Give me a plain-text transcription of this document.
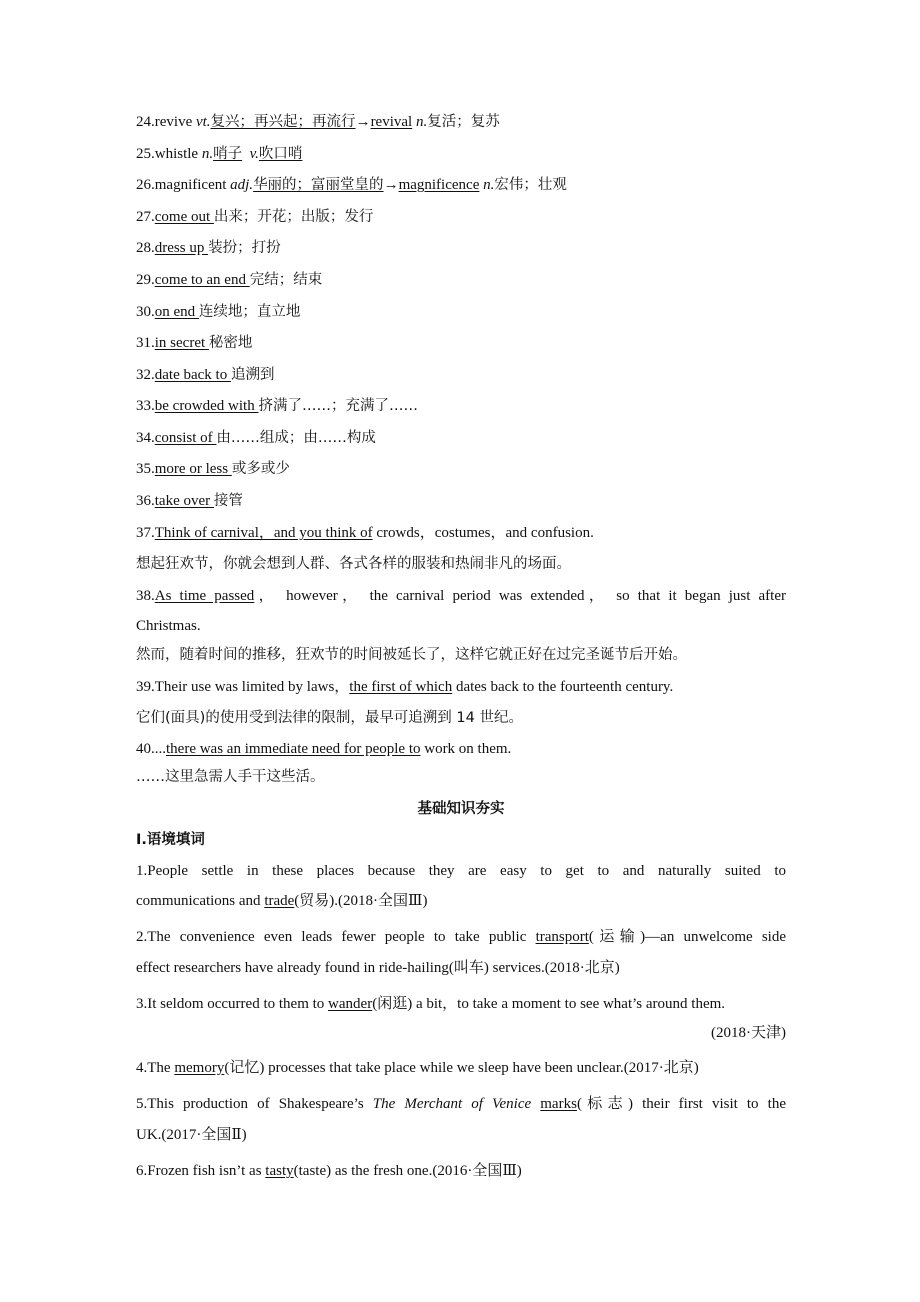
24.revive vt.复兴；再兴起；再流行→revival n.复活；复苏
25.whistle n.哨子  v.吹口哨
26.magnificent adj.华丽的；富丽堂皇的→magnificence n.宏伟；壮观
27.come out 出来；开花；出版；发行
28.dress up 装扮；打扮
29.come to an end 完结；结束
30.on end 连续地；直立地
31.in secret 秘密地
32.date back to 追溯到
33.be crowded with 挤满了……；充满了……
34.consist of 由……组成；由……构成
35.more or less 或多或少
36.take over 接管
37.Think of carnival，and you think of crowds，costumes，and confusion.
想起狂欢节，你就会想到人群、各式各样的服装和热闹非凡的场面。
38.As time passed， however， the carnival period was extended， so that it began just after
Christmas.
然而，随着时间的推移，狂欢节的时间被延长了，这样它就正好在过完圣诞节后开始。
39.Their use was limited by laws，the first of which dates back to the fourteenth century.
它们(面具)的使用受到法律的限制，最早可追溯到 14 世纪。
40....there was an immediate need for people to work on them.
……这里急需人手干这些活。
基础知识夯实
Ⅰ.语境填词
1.People settle in these places because they are easy to get to and naturally suited to
communications and trade(贸易).(2018·全国Ⅲ)
2.The convenience even leads fewer people to take public transport(运输)—an unwelcome side
effect researchers have already found in ride-hailing(叫车) services.(2018·北京)
3.It seldom occurred to them to wander(闲逛) a bit，to take a moment to see what’s around them.
(2018·天津)
4.The memory(记忆) processes that take place while we sleep have been unclear.(2017·北京)
5.This production of Shakespeare’s The Merchant of Venice marks(标志) their first visit to the
UK.(2017·全国Ⅱ)
6.Frozen fish isn’t as tasty(taste) as the fresh one.(2016·全国Ⅲ)
